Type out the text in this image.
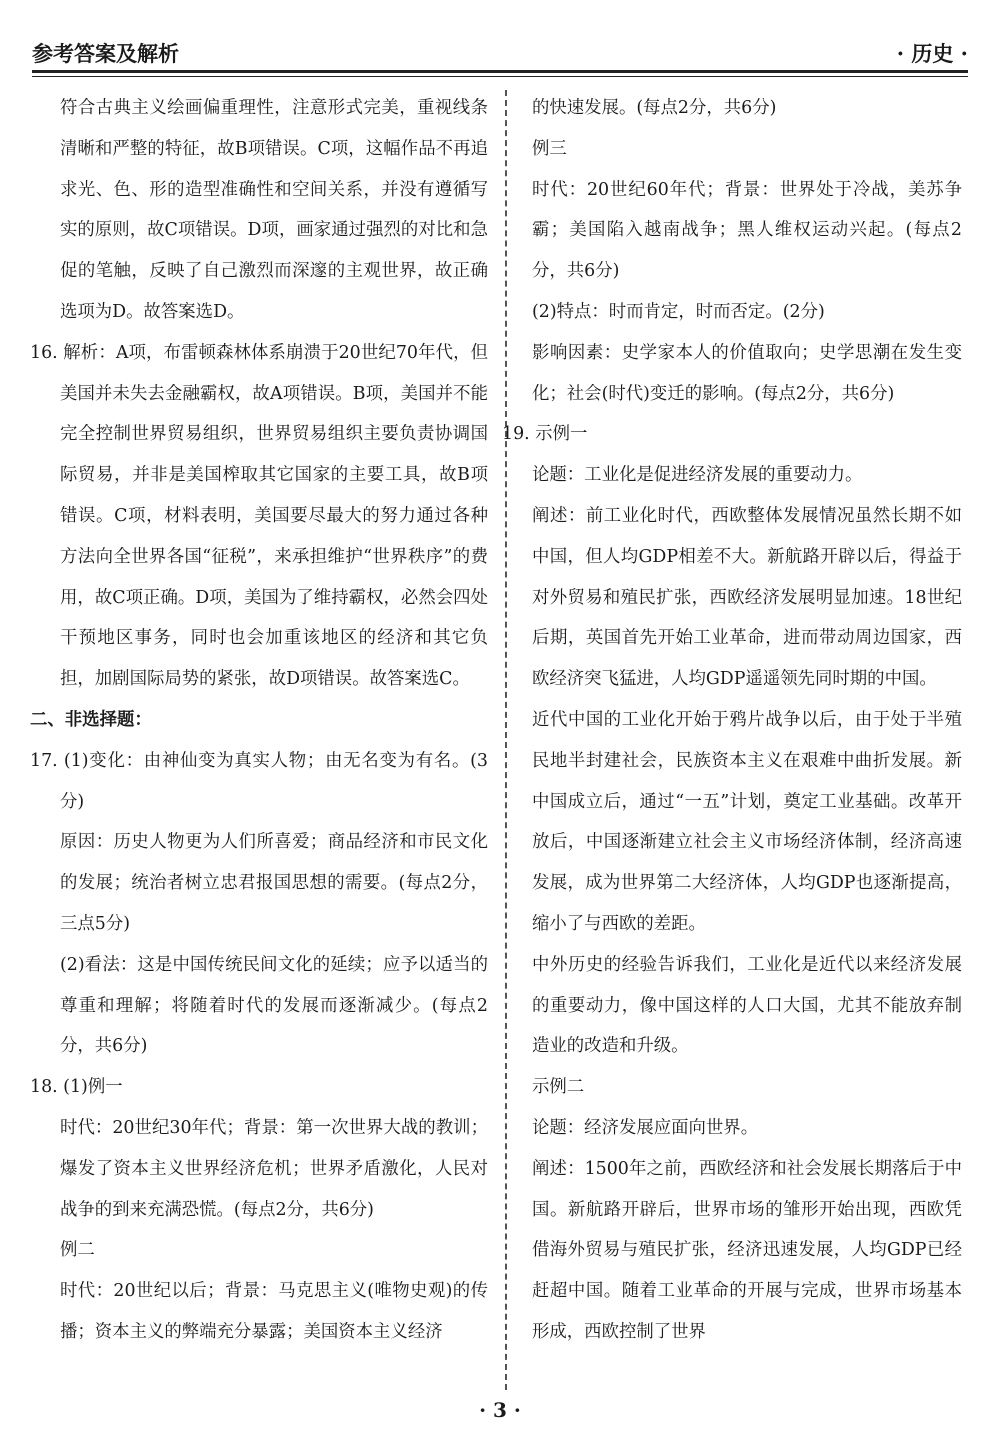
参考答案及解析	· 历史 ·

符合古典主义绘画偏重理性，注意形式完美，重视线条清晰和严整的特征，故B项错误。C项，这幅作品不再追求光、色、形的造型准确性和空间关系，并没有遵循写实的原则，故C项错误。D项，画家通过强烈的对比和急促的笔触，反映了自己激烈而深邃的主观世界，故正确选项为D。故答案选D。

16. 解析：A项，布雷顿森林体系崩溃于20世纪70年代，但美国并未失去金融霸权，故A项错误。B项，美国并不能完全控制世界贸易组织，世界贸易组织主要负责协调国际贸易，并非是美国榨取其它国家的主要工具，故B项错误。C项，材料表明，美国要尽最大的努力通过各种方法向全世界各国“征税”，来承担维护“世界秩序”的费用，故C项正确。D项，美国为了维持霸权，必然会四处干预地区事务，同时也会加重该地区的经济和其它负担，加剧国际局势的紧张，故D项错误。故答案选C。

二、非选择题：

17. (1)变化：由神仙变为真实人物；由无名变为有名。(3分)

原因：历史人物更为人们所喜爱；商品经济和市民文化的发展；统治者树立忠君报国思想的需要。(每点2分，三点5分)

(2)看法：这是中国传统民间文化的延续；应予以适当的尊重和理解；将随着时代的发展而逐渐减少。(每点2分，共6分)

18. (1)例一

时代：20世纪30年代；背景：第一次世界大战的教训；爆发了资本主义世界经济危机；世界矛盾激化，人民对战争的到来充满恐慌。(每点2分，共6分)

例二

时代：20世纪以后；背景：马克思主义(唯物史观)的传播；资本主义的弊端充分暴露；美国资本主义经济

的快速发展。(每点2分，共6分)

例三

时代：20世纪60年代；背景：世界处于冷战，美苏争霸；美国陷入越南战争；黑人维权运动兴起。(每点2分，共6分)

(2)特点：时而肯定，时而否定。(2分)

影响因素：史学家本人的价值取向；史学思潮在发生变化；社会(时代)变迁的影响。(每点2分，共6分)

19. 示例一

论题：工业化是促进经济发展的重要动力。

阐述：前工业化时代，西欧整体发展情况虽然长期不如中国，但人均GDP相差不大。新航路开辟以后，得益于对外贸易和殖民扩张，西欧经济发展明显加速。18世纪后期，英国首先开始工业革命，进而带动周边国家，西欧经济突飞猛进，人均GDP遥遥领先同时期的中国。

近代中国的工业化开始于鸦片战争以后，由于处于半殖民地半封建社会，民族资本主义在艰难中曲折发展。新中国成立后，通过“一五”计划，奠定工业基础。改革开放后，中国逐渐建立社会主义市场经济体制，经济高速发展，成为世界第二大经济体，人均GDP也逐渐提高，缩小了与西欧的差距。

中外历史的经验告诉我们，工业化是近代以来经济发展的重要动力，像中国这样的人口大国，尤其不能放弃制造业的改造和升级。

示例二

论题：经济发展应面向世界。

阐述：1500年之前，西欧经济和社会发展长期落后于中国。新航路开辟后，世界市场的雏形开始出现，西欧凭借海外贸易与殖民扩张，经济迅速发展，人均GDP已经赶超中国。随着工业革命的开展与完成，世界市场基本形成，西欧控制了世界

· 3 ·
